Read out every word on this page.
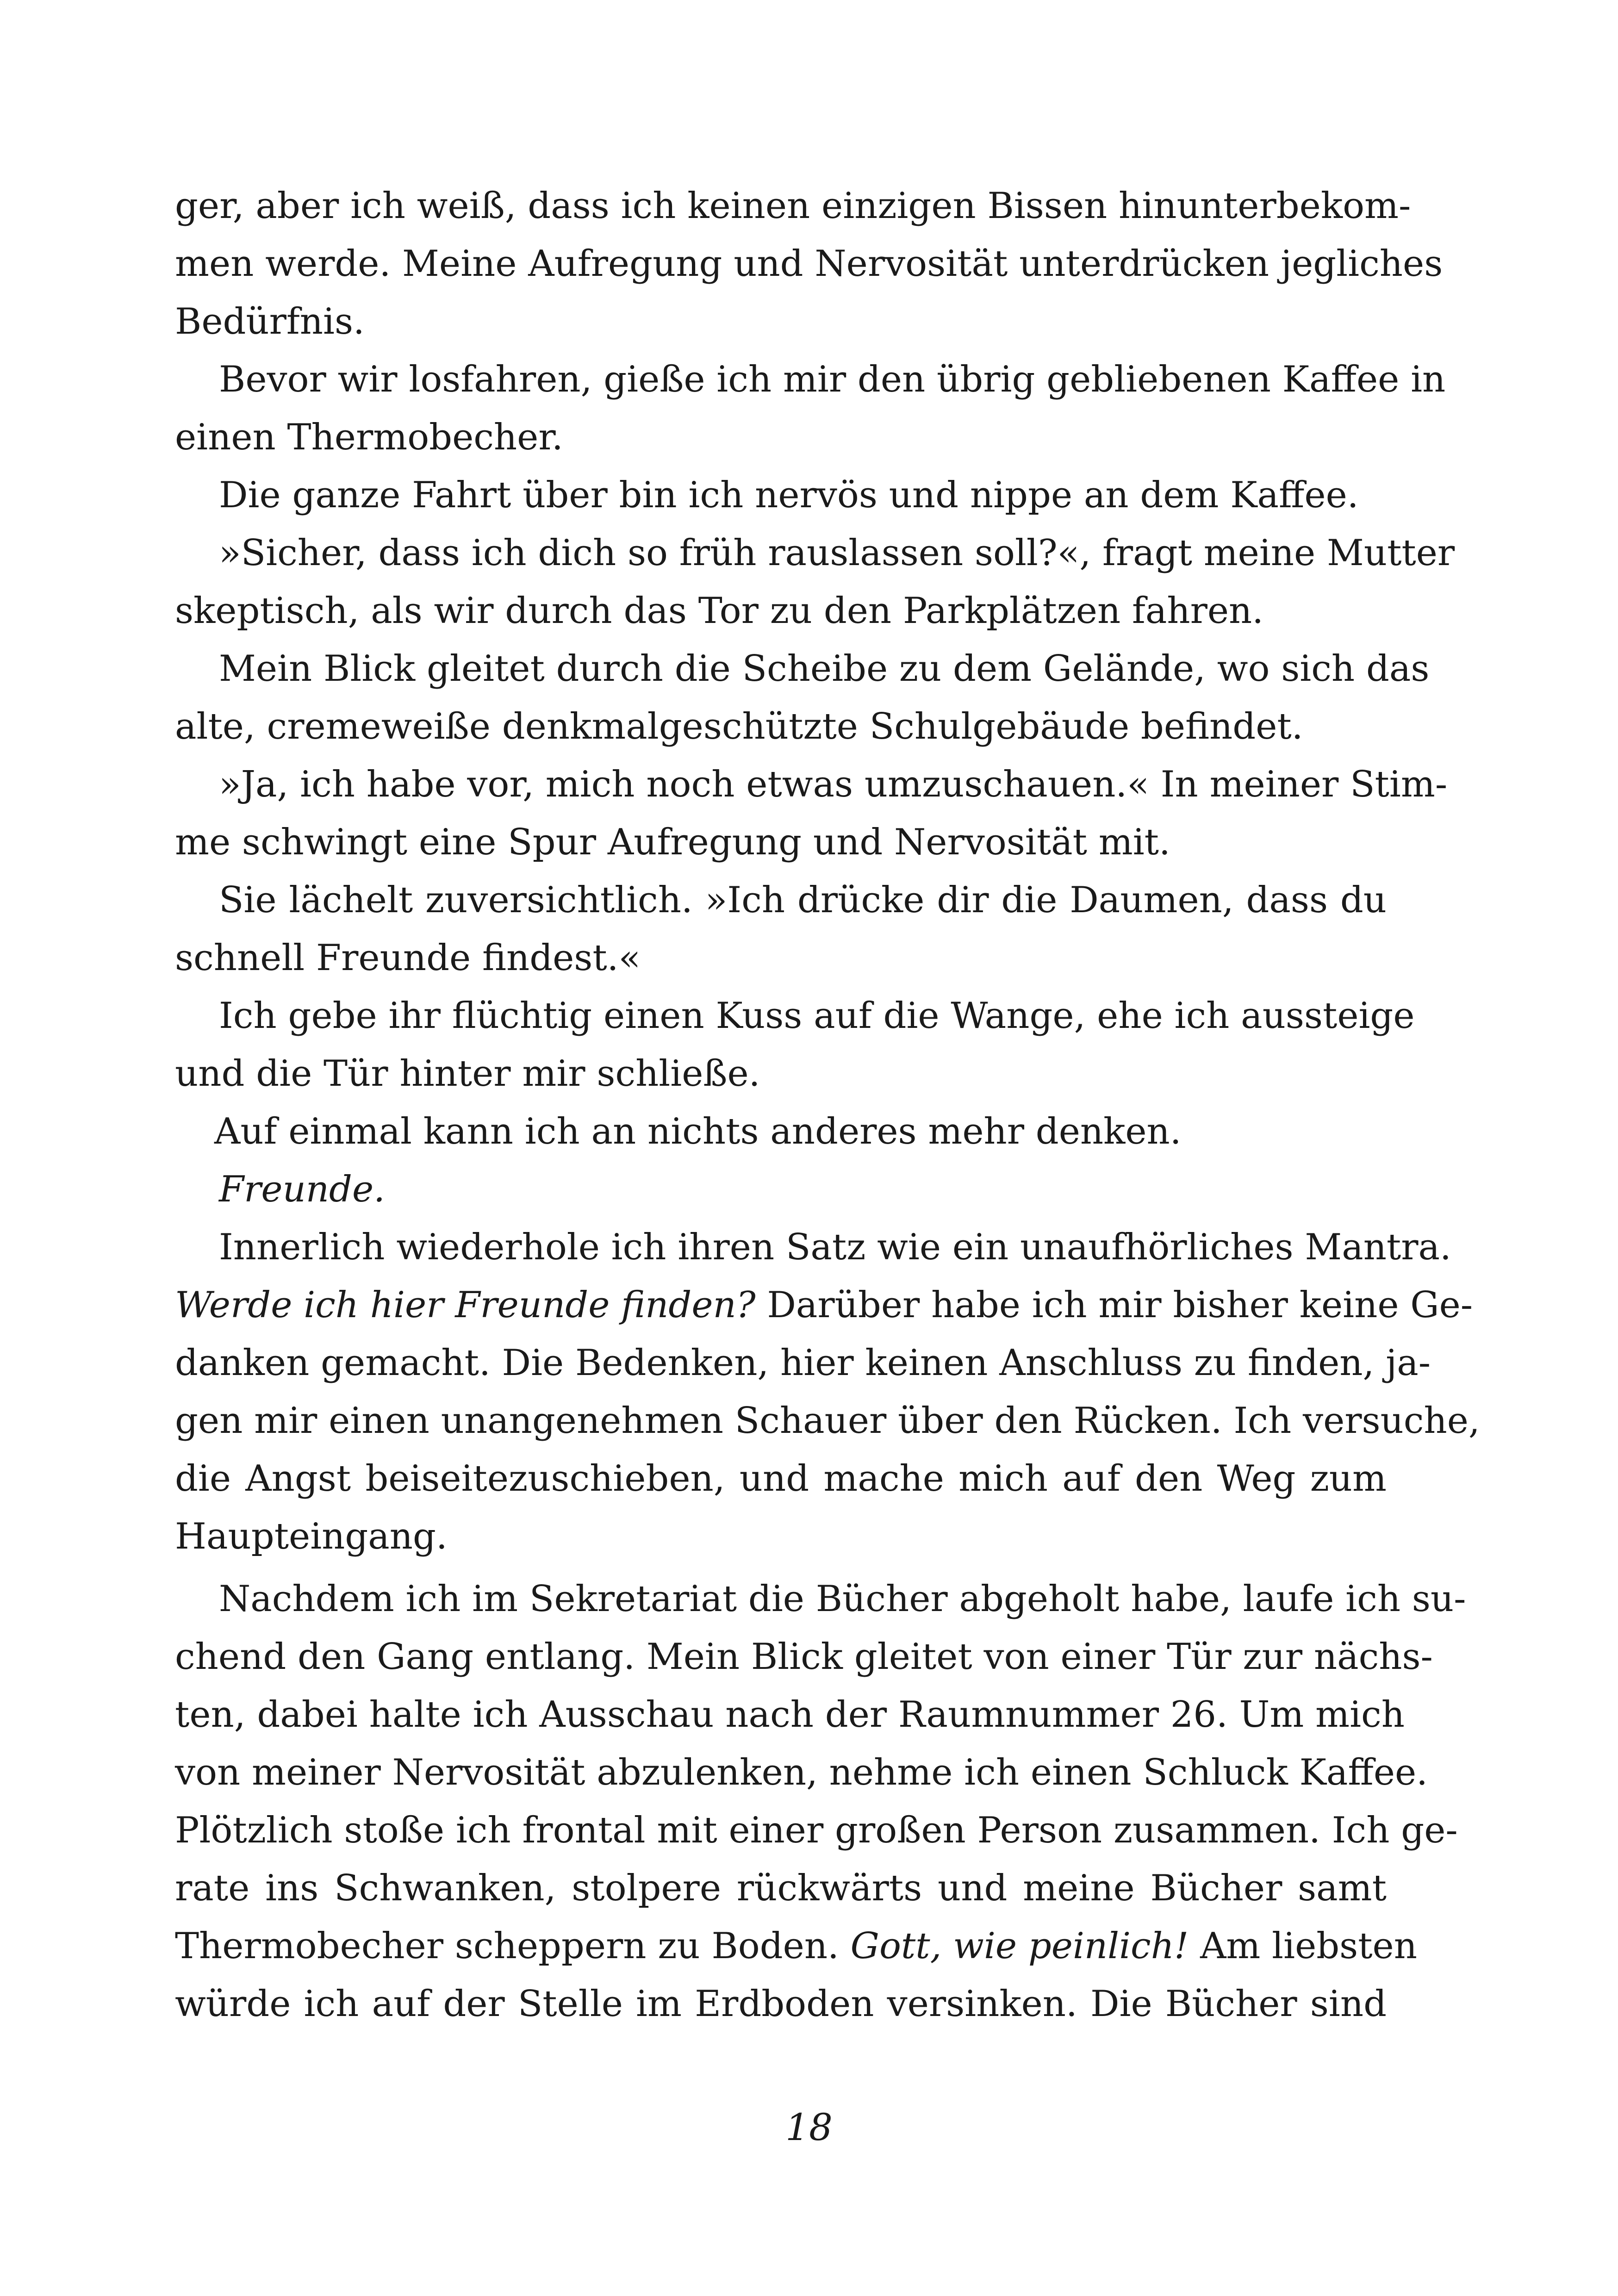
ger, aber ich weiß, dass ich keinen einzigen Bissen hinunterbekom-
men werde. Meine Aufregung und Nervosität unterdrücken jegliches
Bedürfnis.
Bevor wir losfahren, gieße ich mir den übrig gebliebenen Kaffee in
einen Thermobecher.
Die ganze Fahrt über bin ich nervös und nippe an dem Kaffee.
»Sicher, dass ich dich so früh rauslassen soll?«, fragt meine Mutter
skeptisch, als wir durch das Tor zu den Parkplätzen fahren.
Mein Blick gleitet durch die Scheibe zu dem Gelände, wo sich das
alte, cremeweiße denkmalgeschützte Schulgebäude befindet.
»Ja, ich habe vor, mich noch etwas umzuschauen.« In meiner Stim-
me schwingt eine Spur Aufregung und Nervosität mit.
Sie lächelt zuversichtlich. »Ich drücke dir die Daumen, dass du
schnell Freunde findest.«
Ich gebe ihr flüchtig einen Kuss auf die Wange, ehe ich aussteige
und die Tür hinter mir schließe.
Auf einmal kann ich an nichts anderes mehr denken.
Freunde.
Innerlich wiederhole ich ihren Satz wie ein unaufhörliches Mantra.
Werde ich hier Freunde finden? Darüber habe ich mir bisher keine Ge-
danken gemacht. Die Bedenken, hier keinen Anschluss zu finden, ja-
gen mir einen unangenehmen Schauer über den Rücken. Ich versuche,
die Angst beiseitezuschieben, und mache mich auf den Weg zum
Haupteingang.
Nachdem ich im Sekretariat die Bücher abgeholt habe, laufe ich su-
chend den Gang entlang. Mein Blick gleitet von einer Tür zur nächs-
ten, dabei halte ich Ausschau nach der Raumnummer 26. Um mich
von meiner Nervosität abzulenken, nehme ich einen Schluck Kaffee.
Plötzlich stoße ich frontal mit einer großen Person zusammen. Ich ge-
rate ins Schwanken, stolpere rückwärts und meine Bücher samt
Thermobecher scheppern zu Boden. Gott, wie peinlich! Am liebsten
würde ich auf der Stelle im Erdboden versinken. Die Bücher sind
18
